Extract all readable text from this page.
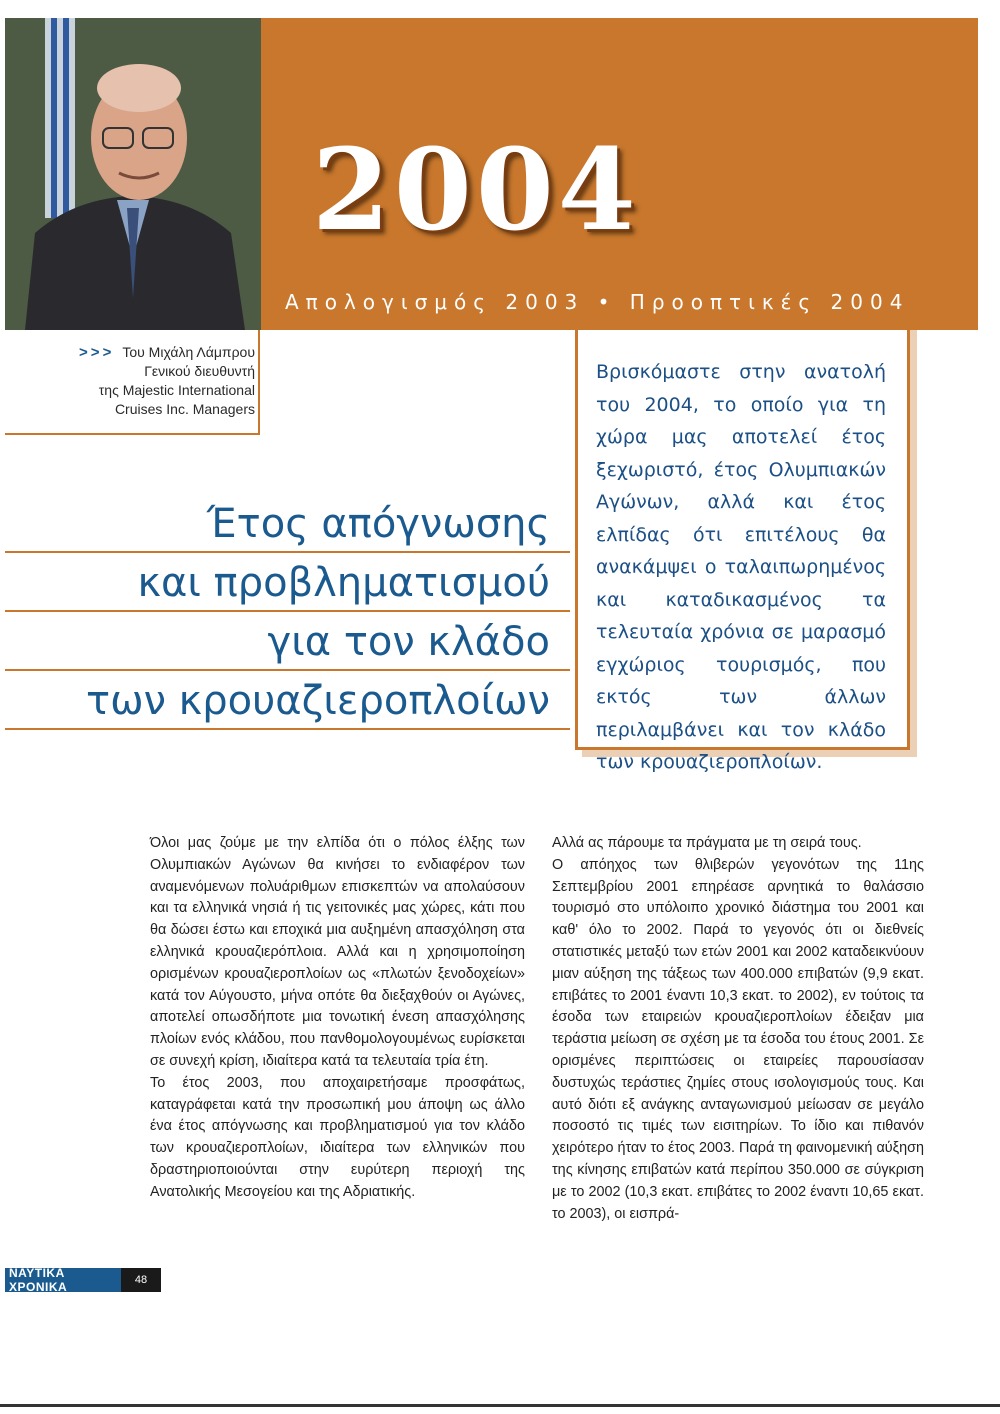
2004
Απολογισμός 2003 • Προοπτικές 2004
>>> Του Μιχάλη Λάμπρου
Γενικού διευθυντή
της Majestic International
Cruises Inc. Managers
Έτος απόγνωσης
και προβληματισμού
για τον κλάδο
των κρουαζιεροπλοίων
Βρισκόμαστε στην ανατολή του 2004, το οποίο για τη χώρα μας αποτελεί έτος ξεχωριστό, έτος Ολυμπιακών Αγώνων, αλλά και έτος ελπίδας ότι επιτέλους θα ανακάμψει ο ταλαιπωρημένος και καταδικασμένος τα τελευταία χρόνια σε μαρασμό εγχώριος τουρισμός, που εκτός των άλλων περιλαμβάνει και τον κλάδο των κρουαζιεροπλοίων.

Όλοι μας ζούμε με την ελπίδα ότι ο πόλος έλξης των Ολυμπιακών Αγώνων θα κινήσει το ενδιαφέρον των αναμενόμενων πολυάριθμων επισκεπτών να απολαύσουν και τα ελληνικά νησιά ή τις γειτονικές μας χώρες, κάτι που θα δώσει έστω και εποχικά μια αυξημένη απασχόληση στα ελληνικά κρουαζιερόπλοια. Αλλά και η χρησιμοποίηση ορισμένων κρουαζιεροπλοίων ως «πλωτών ξενοδοχείων» κατά τον Αύγουστο, μήνα οπότε θα διεξαχθούν οι Αγώνες, αποτελεί οπωσδήποτε μια τονωτική ένεση απασχόλησης πλοίων ενός κλάδου, που πανθομολογουμένως ευρίσκεται σε συνεχή κρίση, ιδιαίτερα κατά τα τελευταία τρία έτη.

Το έτος 2003, που αποχαιρετήσαμε προσφάτως, καταγράφεται κατά την προσωπική μου άποψη ως άλλο ένα έτος απόγνωσης και προβληματισμού για τον κλάδο των κρουαζιεροπλοίων, ιδιαίτερα των ελληνικών που δραστηριοποιούνται στην ευρύτερη περιοχή της Ανατολικής Μεσογείου και της Αδριατικής.

Αλλά ας πάρουμε τα πράγματα με τη σειρά τους.

Ο απόηχος των θλιβερών γεγονότων της 11ης Σεπτεμβρίου 2001 επηρέασε αρνητικά το θαλάσσιο τουρισμό στο υπόλοιπο χρονικό διάστημα του 2001 και καθ' όλο το 2002. Παρά το γεγονός ότι οι διεθνείς στατιστικές μεταξύ των ετών 2001 και 2002 καταδεικνύουν μιαν αύξηση της τάξεως των 400.000 επιβατών (9,9 εκατ. επιβάτες το 2001 έναντι 10,3 εκατ. το 2002), εν τούτοις τα έσοδα των εταιρειών κρουαζιεροπλοίων έδειξαν μια τεράστια μείωση σε σχέση με τα έσοδα του έτους 2001. Σε ορισμένες περιπτώσεις οι εταιρείες παρουσίασαν δυστυχώς τεράστιες ζημίες στους ισολογισμούς τους. Και αυτό διότι εξ ανάγκης ανταγωνισμού μείωσαν σε μεγάλο ποσοστό τις τιμές των εισιτηρίων. Το ίδιο και πιθανόν χειρότερο ήταν το έτος 2003. Παρά τη φαινομενική αύξηση της κίνησης επιβατών κατά περίπου 350.000 σε σύγκριση με το 2002 (10,3 εκατ. επιβάτες το 2002 έναντι 10,65 εκατ. το 2003), οι εισπρά-

ΝΑΥΤΙΚΑ ΧΡΟΝΙΚΑ	48
